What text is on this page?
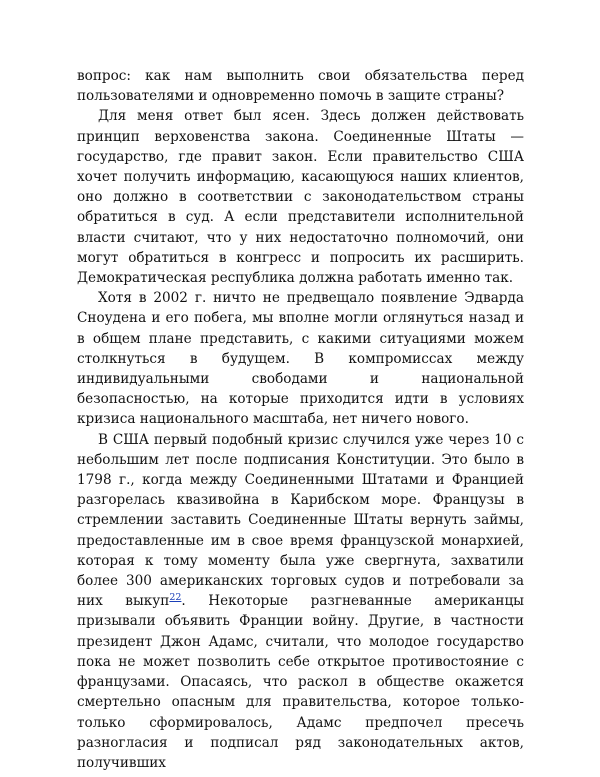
вопрос: как нам выполнить свои обязательства перед пользователями и одновременно помочь в защите страны?

Для меня ответ был ясен. Здесь должен действовать принцип верховенства закона. Соединенные Штаты — государство, где правит закон. Если правительство США хочет получить информацию, касающуюся наших клиентов, оно должно в соответствии с законодательством страны обратиться в суд. А если представители исполнительной власти считают, что у них недостаточно полномочий, они могут обратиться в конгресс и попросить их расширить. Демократическая республика должна работать именно так.

Хотя в 2002 г. ничто не предвещало появление Эдварда Сноудена и его побега, мы вполне могли оглянуться назад и в общем плане представить, с какими ситуациями можем столкнуться в будущем. В компромиссах между индивидуальными свободами и национальной безопасностью, на которые приходится идти в условиях кризиса национального масштаба, нет ничего нового.

В США первый подобный кризис случился уже через 10 с небольшим лет после подписания Конституции. Это было в 1798 г., когда между Соединенными Штатами и Францией разгорелась квазивойна в Карибском море. Французы в стремлении заставить Соединенные Штаты вернуть займы, предоставленные им в свое время французской монархией, которая к тому моменту была уже свергнута, захватили более 300 американских торговых судов и потребовали за них выкуп$^{22}$. Некоторые разгневанные американцы призывали объявить Франции войну. Другие, в частности президент Джон Адамс, считали, что молодое государство пока не может позволить себе открытое противостояние с французами. Опасаясь, что раскол в обществе окажется смертельно опасным для правительства, которое только-только сформировалось, Адамс предпочел пресечь разногласия и подписал ряд законодательных актов, получивших
